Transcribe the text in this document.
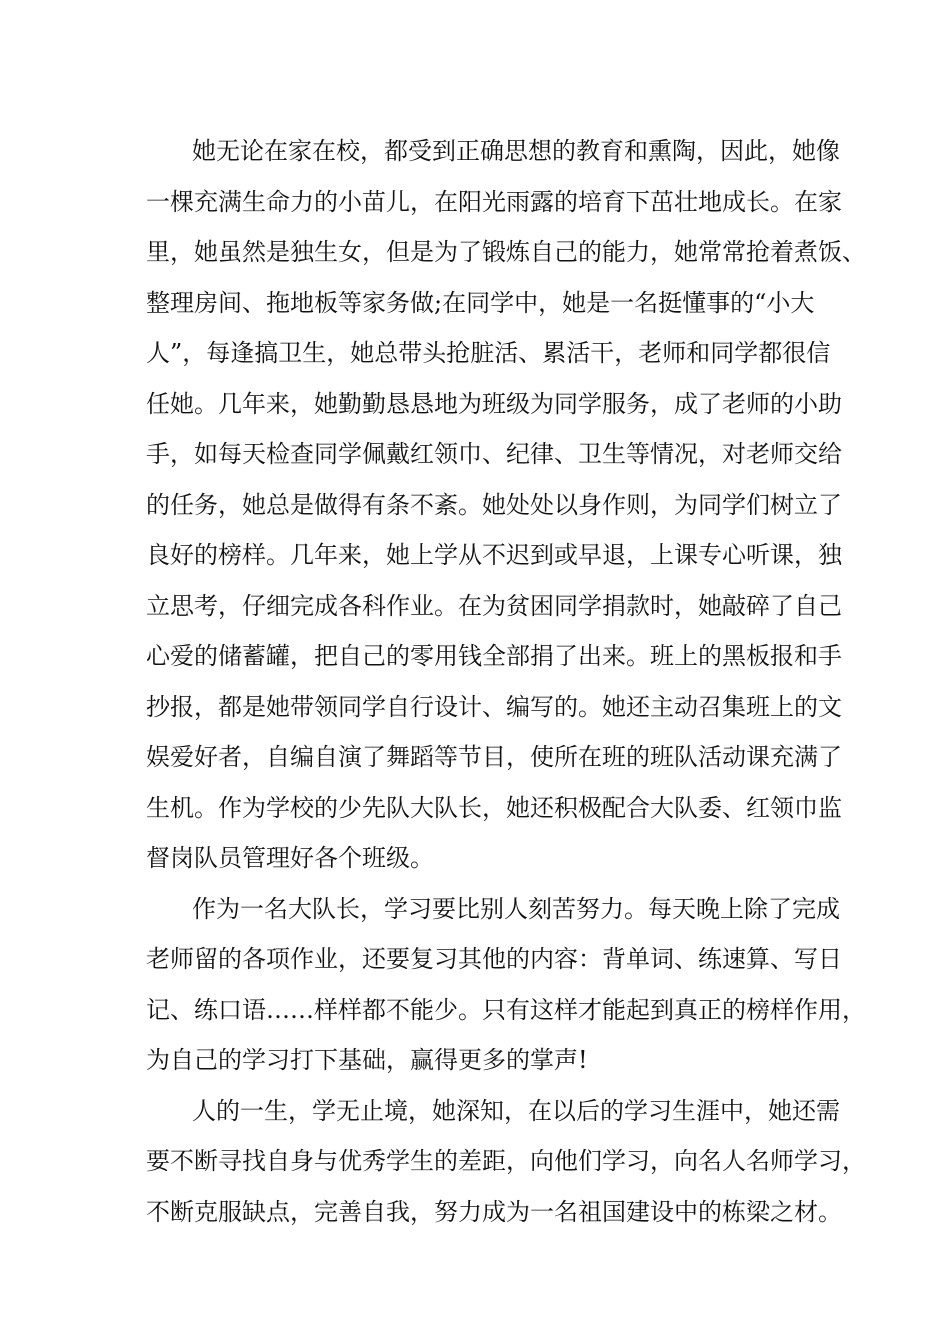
她无论在家在校，都受到正确思想的教育和熏陶，因此，她像
一棵充满生命力的小苗儿，在阳光雨露的培育下茁壮地成长。在家
里，她虽然是独生女，但是为了锻炼自己的能力，她常常抢着煮饭、
整理房间、拖地板等家务做;在同学中，她是一名挺懂事的“小大
人”，每逢搞卫生，她总带头抢脏活、累活干，老师和同学都很信
任她。几年来，她勤勤恳恳地为班级为同学服务，成了老师的小助
手，如每天检查同学佩戴红领巾、纪律、卫生等情况，对老师交给
的任务，她总是做得有条不紊。她处处以身作则，为同学们树立了
良好的榜样。几年来，她上学从不迟到或早退，上课专心听课，独
立思考，仔细完成各科作业。在为贫困同学捐款时，她敲碎了自己
心爱的储蓄罐，把自己的零用钱全部捐了出来。班上的黑板报和手
抄报，都是她带领同学自行设计、编写的。她还主动召集班上的文
娱爱好者，自编自演了舞蹈等节目，使所在班的班队活动课充满了
生机。作为学校的少先队大队长，她还积极配合大队委、红领巾监
督岗队员管理好各个班级。
作为一名大队长，学习要比别人刻苦努力。每天晚上除了完成
老师留的各项作业，还要复习其他的内容：背单词、练速算、写日
记、练口语……样样都不能少。只有这样才能起到真正的榜样作用，
为自己的学习打下基础，赢得更多的掌声!
人的一生，学无止境，她深知，在以后的学习生涯中，她还需
要不断寻找自身与优秀学生的差距，向他们学习，向名人名师学习，
不断克服缺点，完善自我，努力成为一名祖国建设中的栋梁之材。
